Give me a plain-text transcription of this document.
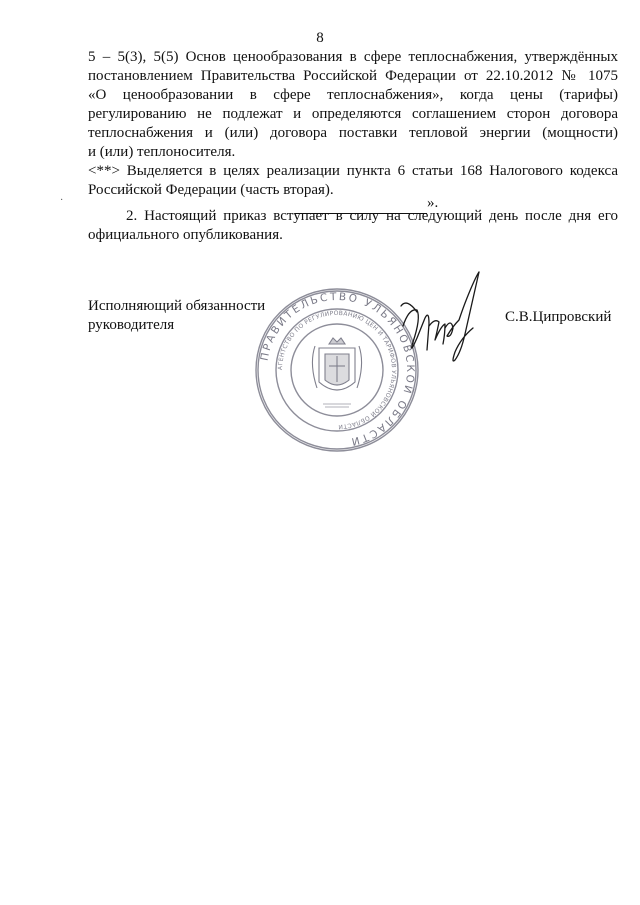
8
5 – 5(3), 5(5) Основ ценообразования в сфере теплоснабжения, утверждённых
постановлением Правительства Российской Федерации от 22.10.2012 № 1075
«О ценообразовании в сфере теплоснабжения», когда цены (тарифы)
регулированию не подлежат и определяются соглашением сторон договора
теплоснабжения и (или) договора поставки тепловой энергии (мощности)
и (или) теплоносителя.
<**> Выделяется в целях реализации пункта 6 статьи 168 Налогового кодекса
Российской Федерации (часть вторая).
».
2. Настоящий приказ вступает в силу на следующий день после дня его
официального опубликования.
Исполняющий обязанности
руководителя	С.В.Ципровский
ПРАВИТЕЛЬСТВО УЛЬЯНОВСКОЙ ОБЛАСТИ
АГЕНТСТВО ПО РЕГУЛИРОВАНИЮ ЦЕН И ТАРИФОВ УЛЬЯНОВСКОЙ ОБЛАСТИ
·
